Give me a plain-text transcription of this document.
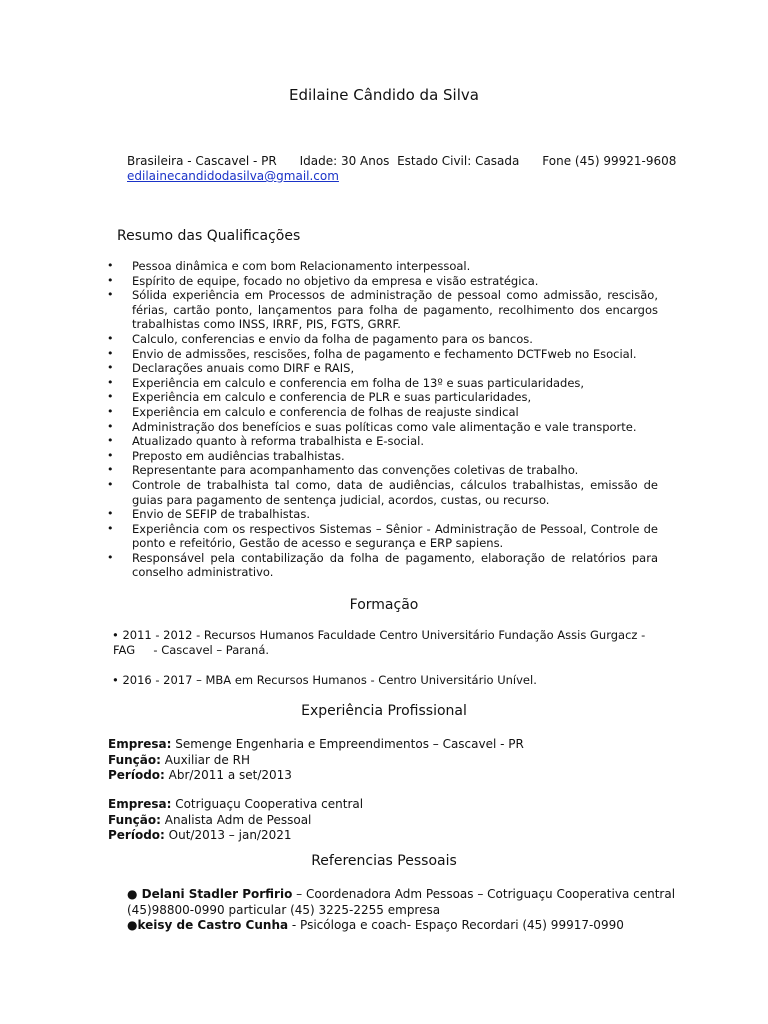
Edilaine Cândido da Silva
Brasileira - Cascavel - PR      Idade: 30 Anos  Estado Civil: Casada      Fone (45) 99921-9608
edilainecandidodasilva@gmail.com
Resumo das Qualificações
• Pessoa dinâmica e com bom Relacionamento interpessoal.
• Espírito de equipe, focado no objetivo da empresa e visão estratégica.
• Sólida experiência em Processos de administração de pessoal como admissão, rescisão, férias, cartão ponto, lançamentos para folha de pagamento, recolhimento dos encargos trabalhistas como INSS, IRRF, PIS, FGTS, GRRF.
• Calculo, conferencias e envio da folha de pagamento para os bancos.
• Envio de admissões, rescisões, folha de pagamento e fechamento DCTFweb no Esocial.
• Declarações anuais como DIRF e RAIS,
• Experiência em calculo e conferencia em folha de 13º e suas particularidades,
• Experiência em calculo e conferencia de PLR e suas particularidades,
• Experiência em calculo e conferencia de folhas de reajuste sindical
• Administração dos benefícios e suas políticas como vale alimentação e vale transporte.
• Atualizado quanto à reforma trabalhista e E-social.
• Preposto em audiências trabalhistas.
• Representante para acompanhamento das convenções coletivas de trabalho.
• Controle de trabalhista tal como, data de audiências, cálculos trabalhistas, emissão de guias para pagamento de sentença judicial, acordos, custas, ou recurso.
• Envio de SEFIP de trabalhistas.
• Experiência com os respectivos Sistemas – Sênior - Administração de Pessoal, Controle de ponto e refeitório, Gestão de acesso e segurança e ERP sapiens.
• Responsável pela contabilização da folha de pagamento, elaboração de relatórios para conselho administrativo.
Formação
• 2011 - 2012 - Recursos Humanos Faculdade Centro Universitário Fundação Assis Gurgacz -
FAG     - Cascavel – Paraná.
• 2016 - 2017 – MBA em Recursos Humanos - Centro Universitário Unível.
Experiência Profissional
Empresa: Semenge Engenharia e Empreendimentos – Cascavel - PR
Função: Auxiliar de RH
Período: Abr/2011 a set/2013
Empresa: Cotriguaçu Cooperativa central
Função: Analista Adm de Pessoal
Período: Out/2013 – jan/2021
Referencias Pessoais
● Delani Stadler Porfirio – Coordenadora Adm Pessoas – Cotriguaçu Cooperativa central
(45)98800-0990 particular (45) 3225-2255 empresa
●keisy de Castro Cunha - Psicóloga e coach- Espaço Recordari (45) 99917-0990
